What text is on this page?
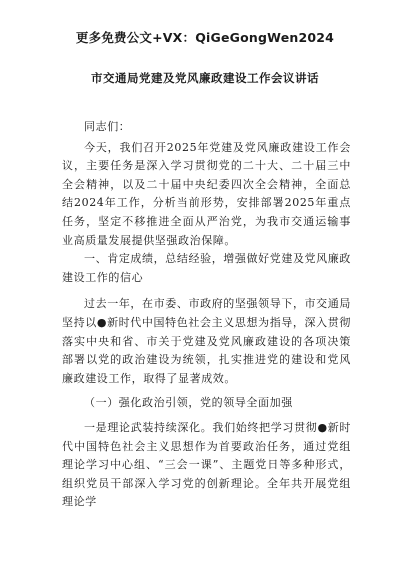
更多免费公文+VX：QiGeGongWen2024
市交通局党建及党风廉政建设工作会议讲话

同志们：

今天，我们召开2025年党建及党风廉政建设工作会议，主要任务是深入学习贯彻党的二十大、二十届三中全会精神，以及二十届中央纪委四次全会精神，全面总结2024年工作，分析当前形势，安排部署2025年重点任务，坚定不移推进全面从严治党，为我市交通运输事业高质量发展提供坚强政治保障。

一、肯定成绩，总结经验，增强做好党建及党风廉政建设工作的信心

过去一年，在市委、市政府的坚强领导下，市交通局坚持以●新时代中国特色社会主义思想为指导，深入贯彻落实中央和省、市关于党建及党风廉政建设的各项决策部署以党的政治建设为统领，扎实推进党的建设和党风廉政建设工作，取得了显著成效。

（一）强化政治引领，党的领导全面加强

一是理论武装持续深化。我们始终把学习贯彻●新时代中国特色社会主义思想作为首要政治任务，通过党组理论学习中心组、“三会一课”、主题党日等多种形式，组织党员干部深入学习党的创新理论。全年共开展党组理论学
